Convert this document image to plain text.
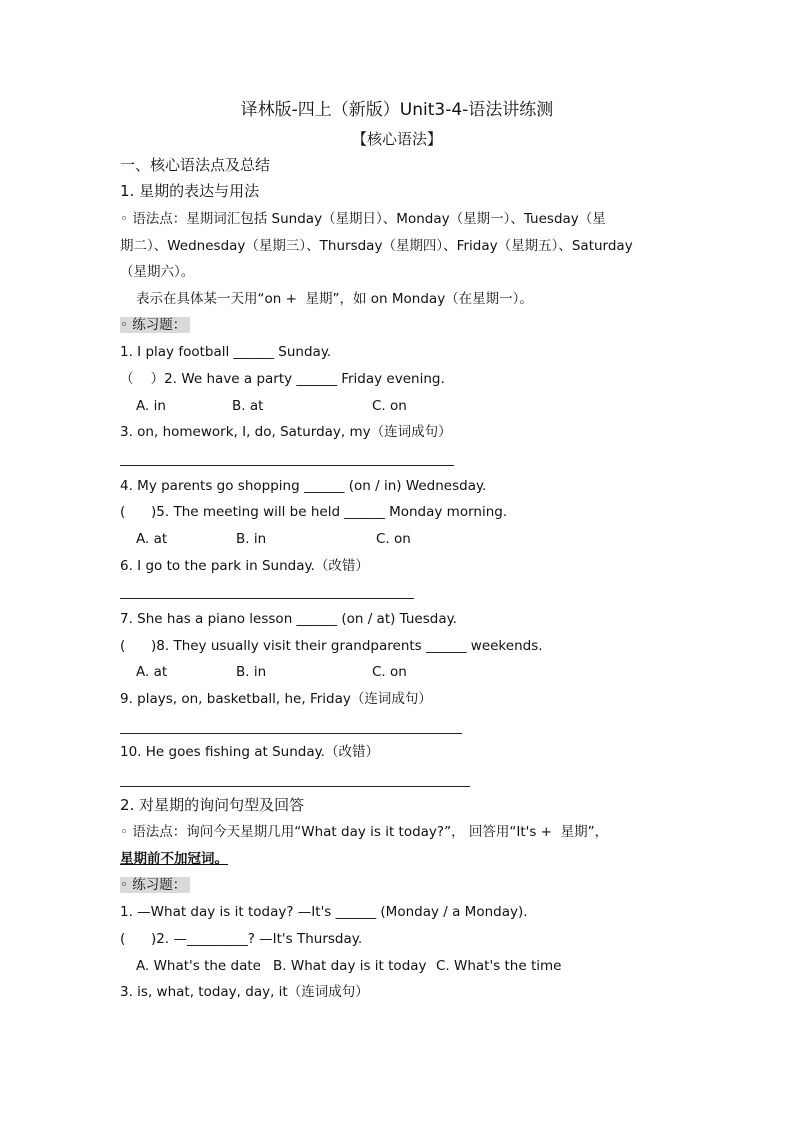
译林版-四上（新版）Unit3-4-语法讲练测
【核心语法】
一、核心语法点及总结
1. 星期的表达与用法
◦ 语法点：星期词汇包括 Sunday（星期日）、Monday（星期一）、Tuesday（星
期二）、Wednesday（星期三）、Thursday（星期四）、Friday（星期五）、Saturday
（星期六）。
表示在具体某一天用“on +  星期”，如 on Monday（在星期一）。
◦ 练习题：
1. I play football ______ Sunday.
（    ）2. We have a party ______ Friday evening.
A. in	B. at	C. on
3. on, homework, I, do, Saturday, my（连词成句）
4. My parents go shopping ______ (on / in) Wednesday.
(      )5. The meeting will be held ______ Monday morning.
A. at	B. in	C. on
6. I go to the park in Sunday.（改错）
7. She has a piano lesson ______ (on / at) Tuesday.
(      )8. They usually visit their grandparents ______ weekends.
A. at	B. in	C. on
9. plays, on, basketball, he, Friday（连词成句）
10. He goes fishing at Sunday.（改错）
2. 对星期的询问句型及回答
◦ 语法点：询问今天星期几用“What day is it today?”， 回答用“It's +  星期”，
星期前不加冠词。
◦ 练习题：
1. —What day is it today? —It's ______ (Monday / a Monday).
(      )2. —_________? —It's Thursday.
A. What's the date B. What day is it today C. What's the time
3. is, what, today, day, it（连词成句）
